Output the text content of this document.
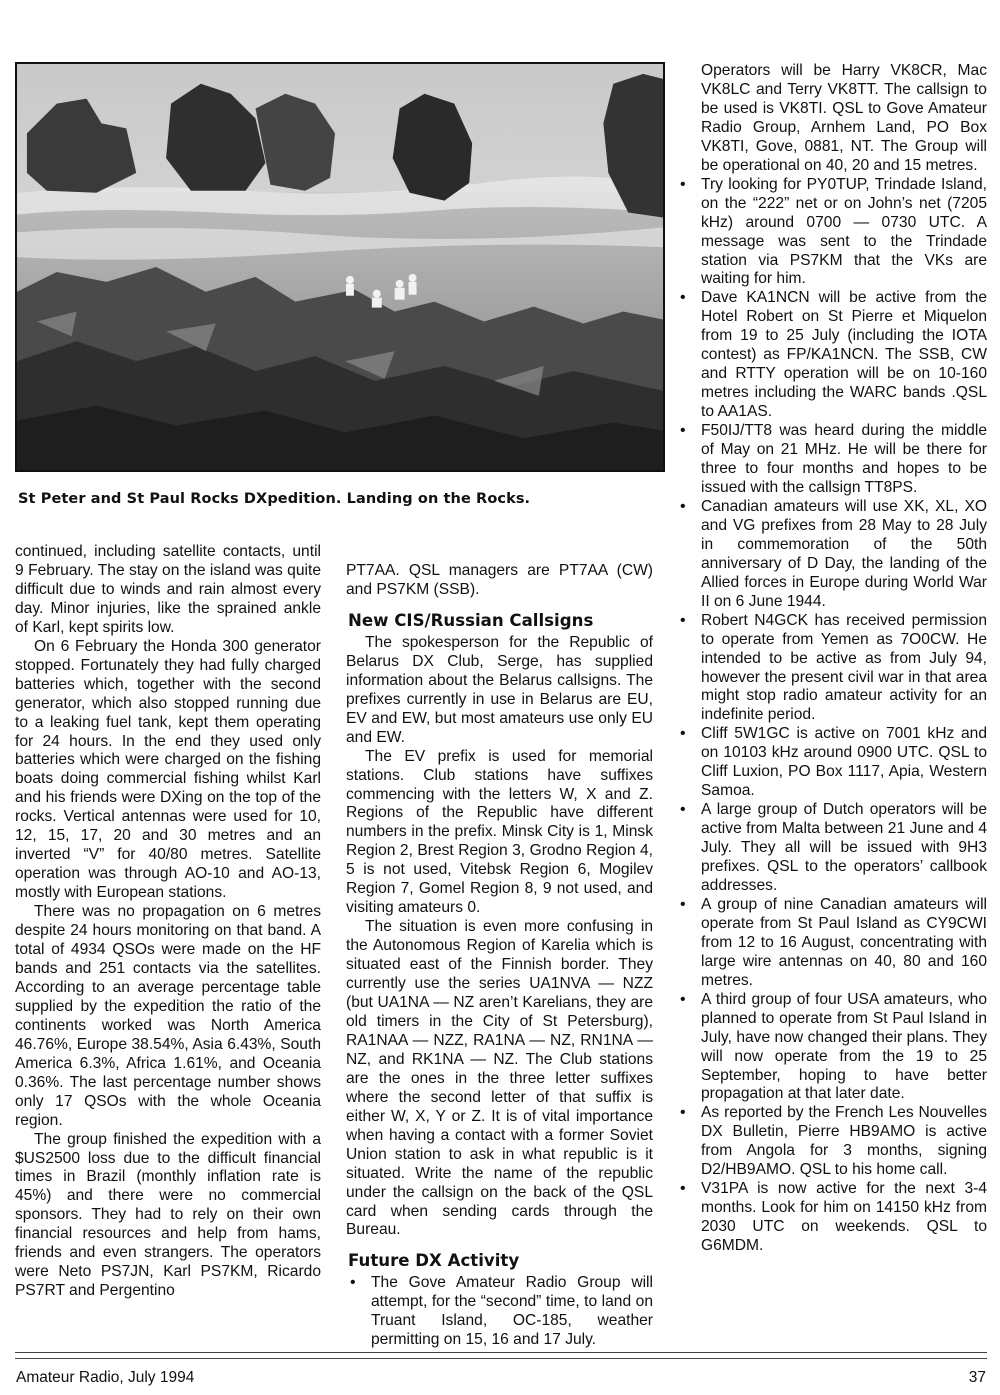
St Peter and St Paul Rocks DXpedition. Landing on the Rocks.

continued, including satellite contacts, until 9 February. The stay on the island was quite difficult due to winds and rain almost every day. Minor injuries, like the sprained ankle of Karl, kept spirits low.

On 6 February the Honda 300 generator stopped. Fortunately they had fully charged batteries which, together with the second generator, which also stopped running due to a leaking fuel tank, kept them operating for 24 hours. In the end they used only batteries which were charged on the fishing boats doing commercial fishing whilst Karl and his friends were DXing on the top of the rocks. Vertical antennas were used for 10, 12, 15, 17, 20 and 30 metres and an inverted “V” for 40/80 metres. Satellite operation was through AO-10 and AO-13, mostly with European stations.

There was no propagation on 6 metres despite 24 hours monitoring on that band. A total of 4934 QSOs were made on the HF bands and 251 contacts via the satellites. According to an average percentage table supplied by the expedition the ratio of the continents worked was North America 46.76%, Europe 38.54%, Asia 6.43%, South America 6.3%, Africa 1.61%, and Oceania 0.36%. The last percentage number shows only 17 QSOs with the whole Oceania region.

The group finished the expedition with a $US2500 loss due to the difficult financial times in Brazil (monthly inflation rate is 45%) and there were no commercial sponsors. They had to rely on their own financial resources and help from hams, friends and even strangers. The operators were Neto PS7JN, Karl PS7KM, Ricardo PS7RT and Pergentino

PT7AA. QSL managers are PT7AA (CW) and PS7KM (SSB).

New CIS/Russian Callsigns

The spokesperson for the Republic of Belarus DX Club, Serge, has supplied information about the Belarus callsigns. The prefixes currently in use in Belarus are EU, EV and EW, but most amateurs use only EU and EW.

The EV prefix is used for memorial stations. Club stations have suffixes commencing with the letters W, X and Z. Regions of the Republic have different numbers in the prefix. Minsk City is 1, Minsk Region 2, Brest Region 3, Grodno Region 4, 5 is not used, Vitebsk Region 6, Mogilev Region 7, Gomel Region 8, 9 not used, and visiting amateurs 0.

The situation is even more confusing in the Autonomous Region of Karelia which is situated east of the Finnish border. They currently use the series UA1NVA — NZZ (but UA1NA — NZ aren’t Karelians, they are old timers in the City of St Petersburg), RA1NAA — NZZ, RA1NA — NZ, RN1NA — NZ, and RK1NA — NZ. The Club stations are the ones in the three letter suffixes where the second letter of that suffix is either W, X, Y or Z. It is of vital importance when having a contact with a former Soviet Union station to ask in what republic is it situated. Write the name of the republic under the callsign on the back of the QSL card when sending cards through the Bureau.

Future DX Activity
• The Gove Amateur Radio Group will attempt, for the “second” time, to land on Truant Island, OC-185, weather permitting on 15, 16 and 17 July.

Operators will be Harry VK8CR, Mac VK8LC and Terry VK8TT. The callsign to be used is VK8TI. QSL to Gove Amateur Radio Group, Arnhem Land, PO Box VK8TI, Gove, 0881, NT. The Group will be operational on 40, 20 and 15 metres.

• Try looking for PY0TUP, Trindade Island, on the “222” net or on John’s net (7205 kHz) around 0700 — 0730 UTC. A message was sent to the Trindade station via PS7KM that the VKs are waiting for him.
• Dave KA1NCN will be active from the Hotel Robert on St Pierre et Miquelon from 19 to 25 July (including the IOTA contest) as FP/KA1NCN. The SSB, CW and RTTY operation will be on 10-160 metres including the WARC bands .QSL to AA1AS.
• F50IJ/TT8 was heard during the middle of May on 21 MHz. He will be there for three to four months and hopes to be issued with the callsign TT8PS.
• Canadian amateurs will use XK, XL, XO and VG prefixes from 28 May to 28 July in commemoration of the 50th anniversary of D Day, the landing of the Allied forces in Europe during World War II on 6 June 1944.
• Robert N4GCK has received permission to operate from Yemen as 7O0CW. He intended to be active as from July 94, however the present civil war in that area might stop radio amateur activity for an indefinite period.
• Cliff 5W1GC is active on 7001 kHz and on 10103 kHz around 0900 UTC. QSL to Cliff Luxion, PO Box 1117, Apia, Western Samoa.
• A large group of Dutch operators will be active from Malta between 21 June and 4 July. They all will be issued with 9H3 prefixes. QSL to the operators’ callbook addresses.
• A group of nine Canadian amateurs will operate from St Paul Island as CY9CWI from 12 to 16 August, concentrating with large wire antennas on 40, 80 and 160 metres.
• A third group of four USA amateurs, who planned to operate from St Paul Island in July, have now changed their plans. They will now operate from the 19 to 25 September, hoping to have better propagation at that later date.
• As reported by the French Les Nouvelles DX Bulletin, Pierre HB9AMO is active from Angola for 3 months, signing D2/HB9AMO. QSL to his home call.
• V31PA is now active for the next 3-4 months. Look for him on 14150 kHz from 2030 UTC on weekends. QSL to G6MDM.
Amateur Radio, July 1994	37
